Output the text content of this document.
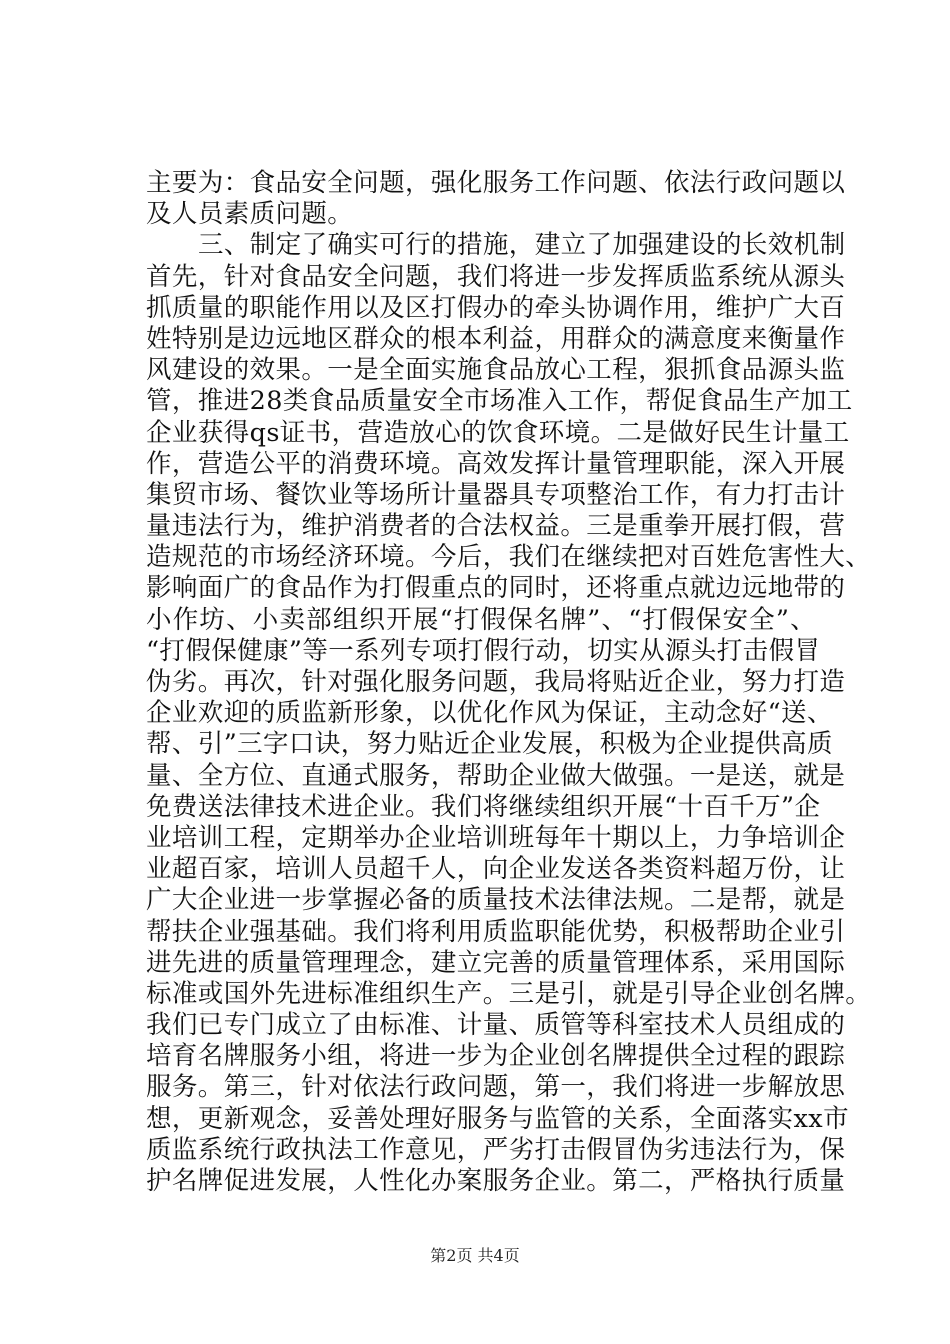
主要为：食品安全问题，强化服务工作问题、依法行政问题以
及人员素质问题。
三、制定了确实可行的措施，建立了加强建设的长效机制
首先，针对食品安全问题，我们将进一步发挥质监系统从源头
抓质量的职能作用以及区打假办的牵头协调作用，维护广大百
姓特别是边远地区群众的根本利益，用群众的满意度来衡量作
风建设的效果。一是全面实施食品放心工程，狠抓食品源头监
管，推进28类食品质量安全市场准入工作，帮促食品生产加工
企业获得qs证书，营造放心的饮食环境。二是做好民生计量工
作，营造公平的消费环境。高效发挥计量管理职能，深入开展
集贸市场、餐饮业等场所计量器具专项整治工作，有力打击计
量违法行为，维护消费者的合法权益。三是重拳开展打假，营
造规范的市场经济环境。今后，我们在继续把对百姓危害性大、
影响面广的食品作为打假重点的同时，还将重点就边远地带的
小作坊、小卖部组织开展“打假保名牌”、“打假保安全”、
“打假保健康”等一系列专项打假行动，切实从源头打击假冒
伪劣。再次，针对强化服务问题，我局将贴近企业，努力打造
企业欢迎的质监新形象，以优化作风为保证，主动念好“送、
帮、引”三字口诀，努力贴近企业发展，积极为企业提供高质
量、全方位、直通式服务，帮助企业做大做强。一是送，就是
免费送法律技术进企业。我们将继续组织开展“十百千万”企
业培训工程，定期举办企业培训班每年十期以上，力争培训企
业超百家，培训人员超千人，向企业发送各类资料超万份，让
广大企业进一步掌握必备的质量技术法律法规。二是帮，就是
帮扶企业强基础。我们将利用质监职能优势，积极帮助企业引
进先进的质量管理理念，建立完善的质量管理体系，采用国际
标准或国外先进标准组织生产。三是引，就是引导企业创名牌。
我们已专门成立了由标准、计量、质管等科室技术人员组成的
培育名牌服务小组，将进一步为企业创名牌提供全过程的跟踪
服务。第三，针对依法行政问题，第一，我们将进一步解放思
想，更新观念，妥善处理好服务与监管的关系，全面落实xx市
质监系统行政执法工作意见，严劣打击假冒伪劣违法行为，保
护名牌促进发展，人性化办案服务企业。第二，严格执行质量
第2页 共4页
